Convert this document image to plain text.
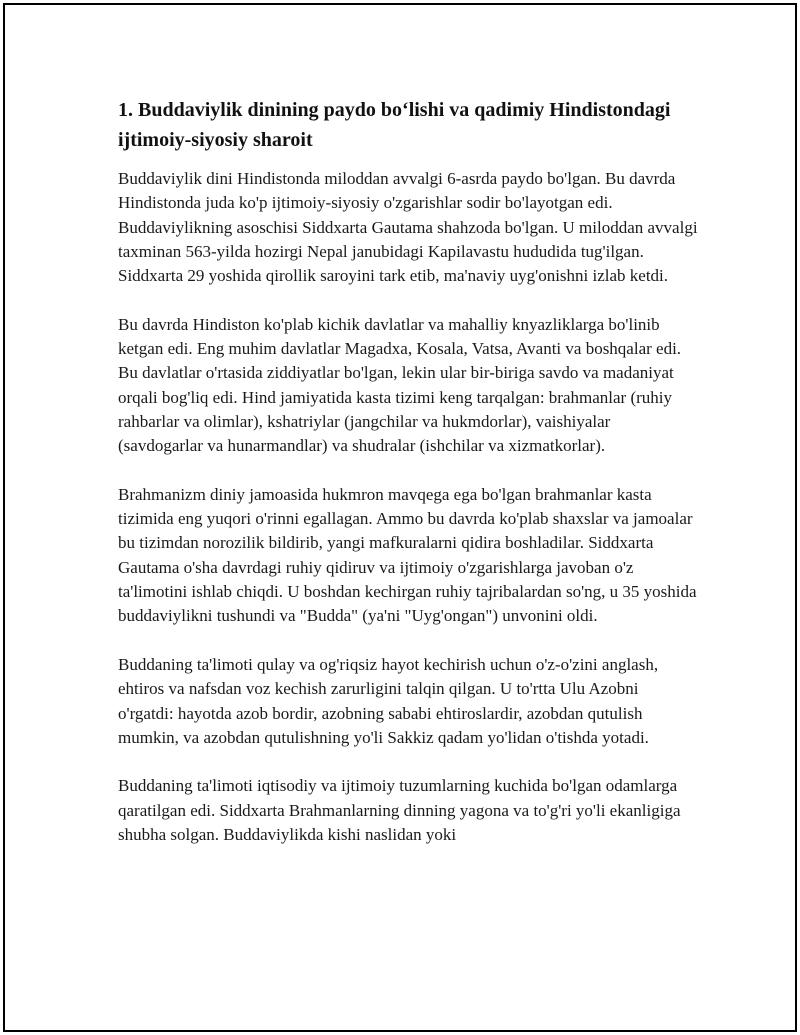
1. Buddaviylik dinining paydo bo‘lishi va qadimiy Hindistondagi ijtimoiy-siyosiy sharoit

Buddaviylik dini Hindistonda miloddan avvalgi 6-asrda paydo bo'lgan. Bu davrda Hindistonda juda ko'p ijtimoiy-siyosiy o'zgarishlar sodir bo'layotgan edi. Buddaviylikning asoschisi Siddxarta Gautama shahzoda bo'lgan. U miloddan avvalgi taxminan 563-yilda hozirgi Nepal janubidagi Kapilavastu hududida tug'ilgan. Siddxarta 29 yoshida qirollik saroyini tark etib, ma'naviy uyg'onishni izlab ketdi.

Bu davrda Hindiston ko'plab kichik davlatlar va mahalliy knyazliklarga bo'linib ketgan edi. Eng muhim davlatlar Magadxa, Kosala, Vatsa, Avanti va boshqalar edi. Bu davlatlar o'rtasida ziddiyatlar bo'lgan, lekin ular bir-biriga savdo va madaniyat orqali bog'liq edi. Hind jamiyatida kasta tizimi keng tarqalgan: brahmanlar (ruhiy rahbarlar va olimlar), kshatriylar (jangchilar va hukmdorlar), vaishiyalar (savdogarlar va hunarmandlar) va shudralar (ishchilar va xizmatkorlar).

Brahmanizm diniy jamoasida hukmron mavqega ega bo'lgan brahmanlar kasta tizimida eng yuqori o'rinni egallagan. Ammo bu davrda ko'plab shaxslar va jamoalar bu tizimdan norozilik bildirib, yangi mafkuralarni qidira boshladilar. Siddxarta Gautama o'sha davrdagi ruhiy qidiruv va ijtimoiy o'zgarishlarga javoban o'z ta'limotini ishlab chiqdi. U boshdan kechirgan ruhiy tajribalardan so'ng, u 35 yoshida buddaviylikni tushundi va "Budda" (ya'ni "Uyg'ongan") unvonini oldi.

Buddaning ta'limoti qulay va og'riqsiz hayot kechirish uchun o'z-o'zini anglash, ehtiros va nafsdan voz kechish zarurligini talqin qilgan. U to'rtta Ulu Azobni o'rgatdi: hayotda azob bordir, azobning sababi ehtiroslardir, azobdan qutulish mumkin, va azobdan qutulishning yo'li Sakkiz qadam yo'lidan o'tishda yotadi.

Buddaning ta'limoti iqtisodiy va ijtimoiy tuzumlarning kuchida bo'lgan odamlarga qaratilgan edi. Siddxarta Brahmanlarning dinning yagona va to'g'ri yo'li ekanligiga shubha solgan. Buddaviylikda kishi naslidan yoki
